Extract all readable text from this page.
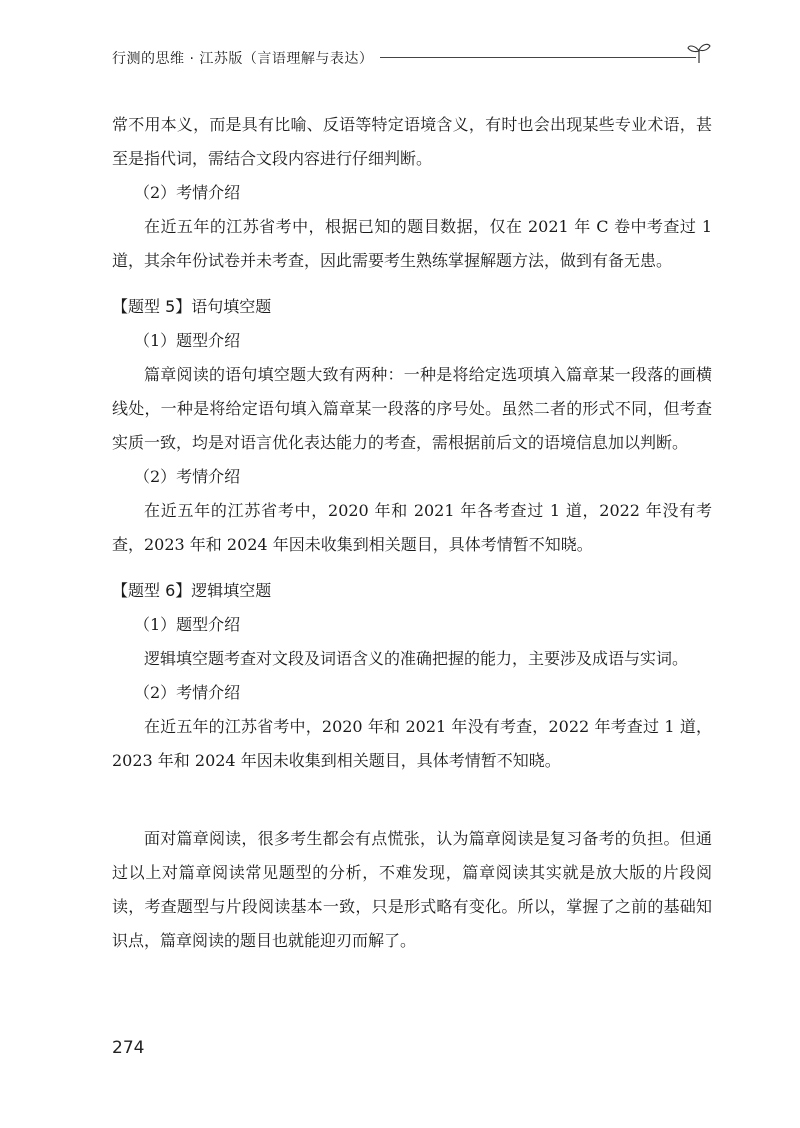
行测的思维 · 江苏版（言语理解与表达）

常不用本义，而是具有比喻、反语等特定语境含义，有时也会出现某些专业术语，甚至是指代词，需结合文段内容进行仔细判断。

（2）考情介绍

在近五年的江苏省考中，根据已知的题目数据，仅在 2021 年 C 卷中考查过 1 道，其余年份试卷并未考查，因此需要考生熟练掌握解题方法，做到有备无患。

【题型 5】语句填空题

（1）题型介绍

篇章阅读的语句填空题大致有两种：一种是将给定选项填入篇章某一段落的画横线处，一种是将给定语句填入篇章某一段落的序号处。虽然二者的形式不同，但考查实质一致，均是对语言优化表达能力的考查，需根据前后文的语境信息加以判断。

（2）考情介绍

在近五年的江苏省考中，2020 年和 2021 年各考查过 1 道，2022 年没有考查，2023 年和 2024 年因未收集到相关题目，具体考情暂不知晓。

【题型 6】逻辑填空题

（1）题型介绍

逻辑填空题考查对文段及词语含义的准确把握的能力，主要涉及成语与实词。

（2）考情介绍

在近五年的江苏省考中，2020 年和 2021 年没有考查，2022 年考查过 1 道，2023 年和 2024 年因未收集到相关题目，具体考情暂不知晓。

面对篇章阅读，很多考生都会有点慌张，认为篇章阅读是复习备考的负担。但通过以上对篇章阅读常见题型的分析，不难发现，篇章阅读其实就是放大版的片段阅读，考查题型与片段阅读基本一致，只是形式略有变化。所以，掌握了之前的基础知识点，篇章阅读的题目也就能迎刃而解了。

274
